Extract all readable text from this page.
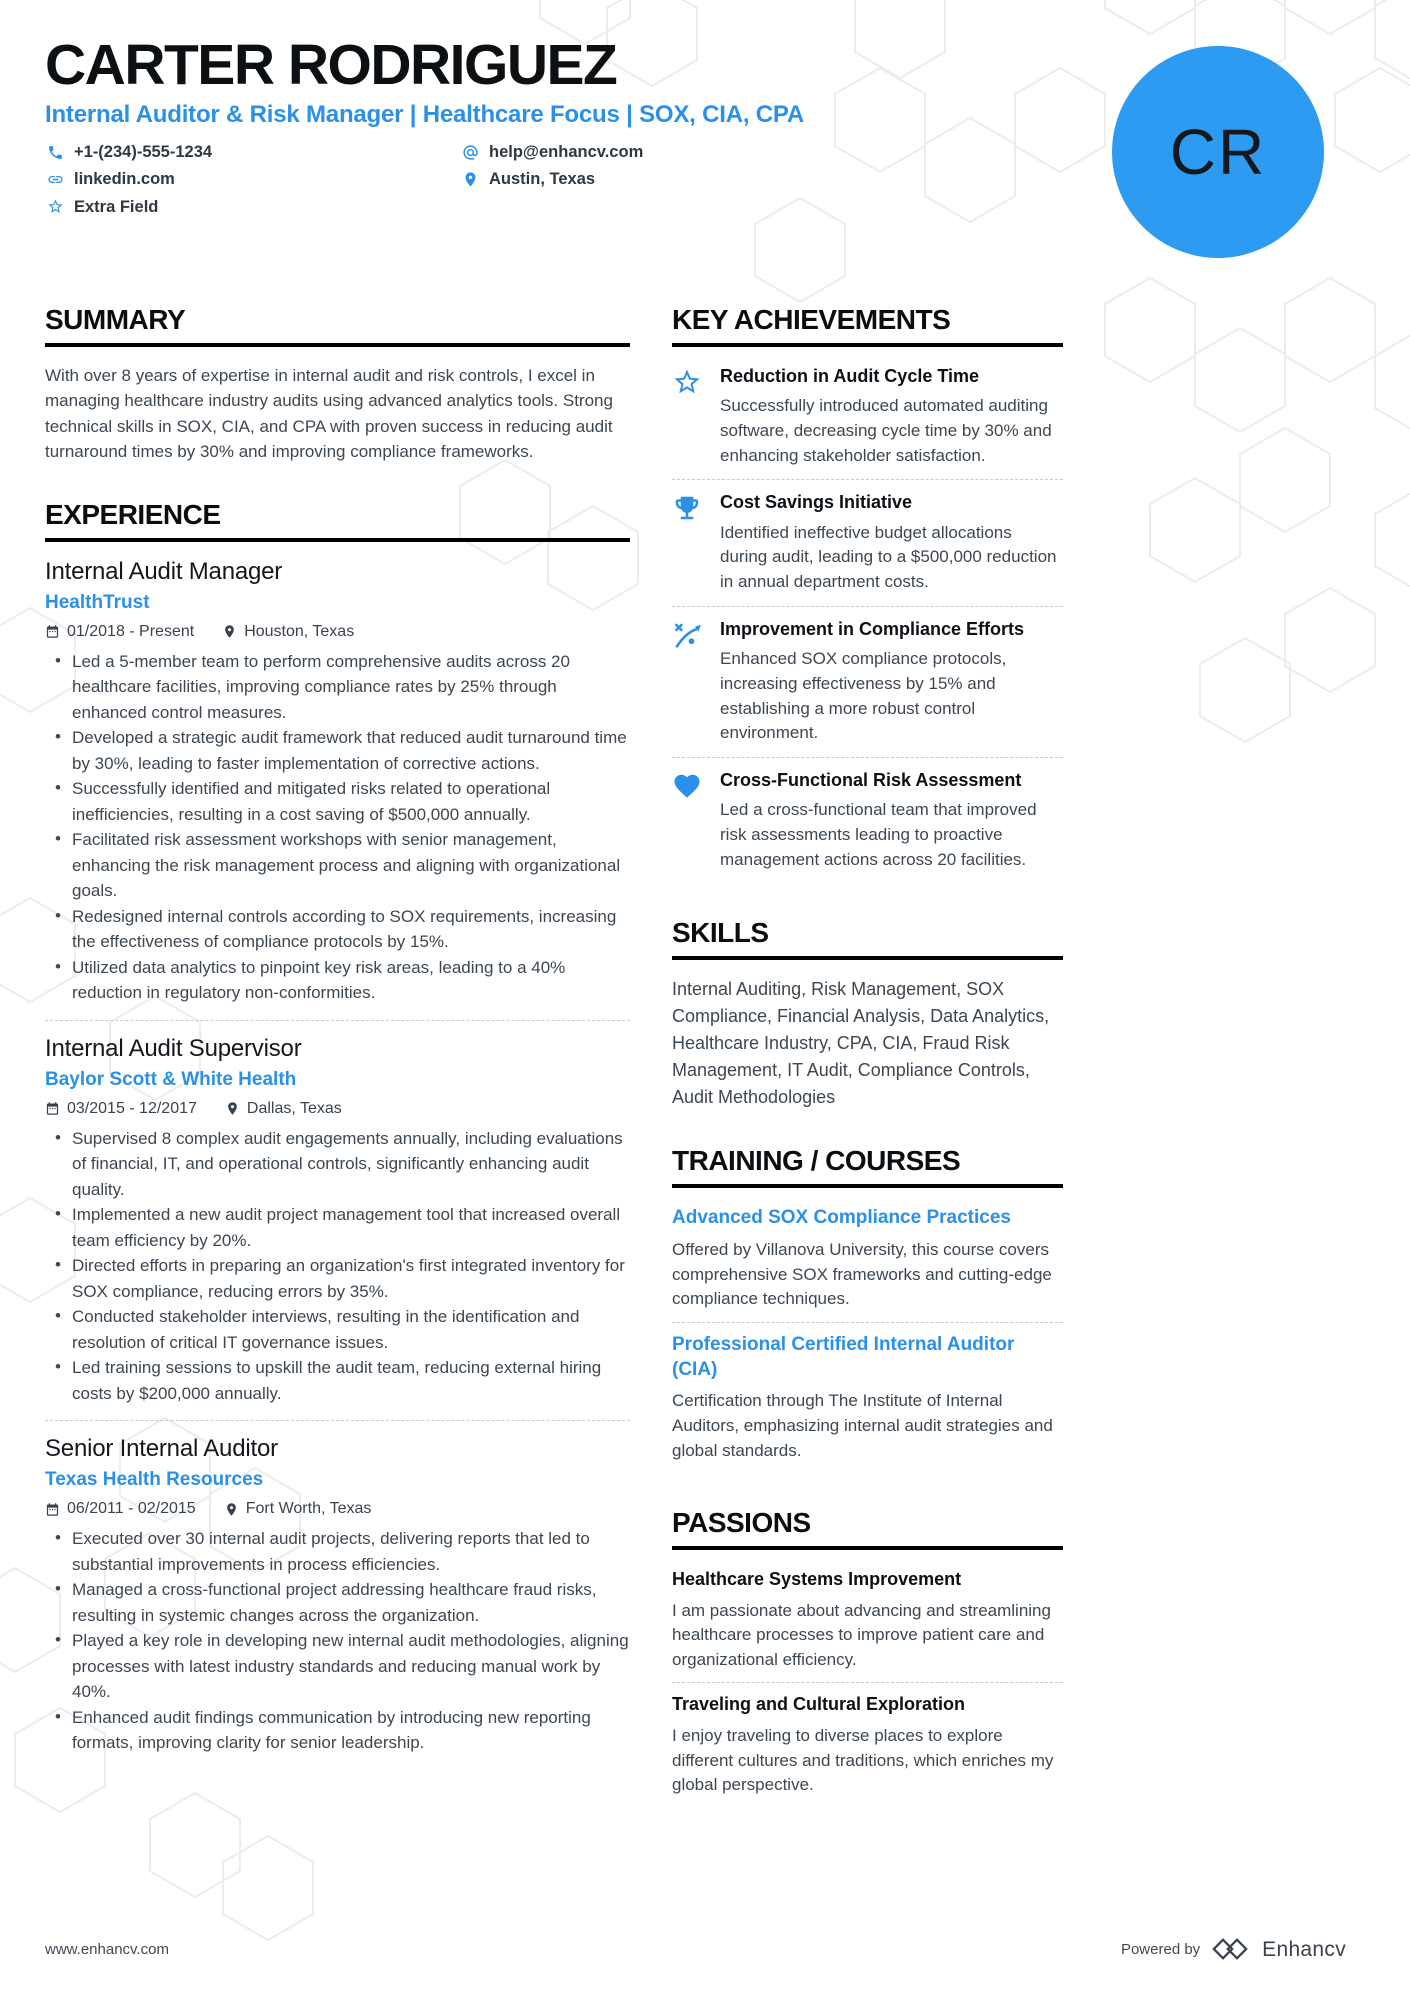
CR
CARTER RODRIGUEZ
Internal Auditor & Risk Manager | Healthcare Focus | SOX, CIA, CPA
+1-(234)-555-1234
linkedin.com
Extra Field
help@enhancv.com
Austin, Texas
SUMMARY

With over 8 years of expertise in internal audit and risk controls, I excel in managing healthcare industry audits using advanced analytics tools. Strong technical skills in SOX, CIA, and CPA with proven success in reducing audit turnaround times by 30% and improving compliance frameworks.

EXPERIENCE
Internal Audit Manager
HealthTrust
01/2018 - Present	Houston, Texas
• Led a 5-member team to perform comprehensive audits across 20 healthcare facilities, improving compliance rates by 25% through enhanced control measures.
• Developed a strategic audit framework that reduced audit turnaround time by 30%, leading to faster implementation of corrective actions.
• Successfully identified and mitigated risks related to operational inefficiencies, resulting in a cost saving of $500,000 annually.
• Facilitated risk assessment workshops with senior management, enhancing the risk management process and aligning with organizational goals.
• Redesigned internal controls according to SOX requirements, increasing the effectiveness of compliance protocols by 15%.
• Utilized data analytics to pinpoint key risk areas, leading to a 40% reduction in regulatory non-conformities.
Internal Audit Supervisor
Baylor Scott & White Health
03/2015 - 12/2017	Dallas, Texas
• Supervised 8 complex audit engagements annually, including evaluations of financial, IT, and operational controls, significantly enhancing audit quality.
• Implemented a new audit project management tool that increased overall team efficiency by 20%.
• Directed efforts in preparing an organization's first integrated inventory for SOX compliance, reducing errors by 35%.
• Conducted stakeholder interviews, resulting in the identification and resolution of critical IT governance issues.
• Led training sessions to upskill the audit team, reducing external hiring costs by $200,000 annually.
Senior Internal Auditor
Texas Health Resources
06/2011 - 02/2015	Fort Worth, Texas
• Executed over 30 internal audit projects, delivering reports that led to substantial improvements in process efficiencies.
• Managed a cross-functional project addressing healthcare fraud risks, resulting in systemic changes across the organization.
• Played a key role in developing new internal audit methodologies, aligning processes with latest industry standards and reducing manual work by 40%.
• Enhanced audit findings communication by introducing new reporting formats, improving clarity for senior leadership.
KEY ACHIEVEMENTS
Reduction in Audit Cycle Time
Successfully introduced automated auditing software, decreasing cycle time by 30% and enhancing stakeholder satisfaction.
Cost Savings Initiative
Identified ineffective budget allocations during audit, leading to a $500,000 reduction in annual department costs.
Improvement in Compliance Efforts
Enhanced SOX compliance protocols, increasing effectiveness by 15% and establishing a more robust control environment.
Cross-Functional Risk Assessment
Led a cross-functional team that improved risk assessments leading to proactive management actions across 20 facilities.
SKILLS

Internal Auditing, Risk Management, SOX Compliance, Financial Analysis, Data Analytics, Healthcare Industry, CPA, CIA, Fraud Risk Management, IT Audit, Compliance Controls, Audit Methodologies

TRAINING / COURSES
Advanced SOX Compliance Practices
Offered by Villanova University, this course covers comprehensive SOX frameworks and cutting-edge compliance techniques.
Professional Certified Internal Auditor (CIA)
Certification through The Institute of Internal Auditors, emphasizing internal audit strategies and global standards.
PASSIONS
Healthcare Systems Improvement
I am passionate about advancing and streamlining healthcare processes to improve patient care and organizational efficiency.
Traveling and Cultural Exploration
I enjoy traveling to diverse places to explore different cultures and traditions, which enriches my global perspective.
www.enhancv.com	Powered by	Enhancv
